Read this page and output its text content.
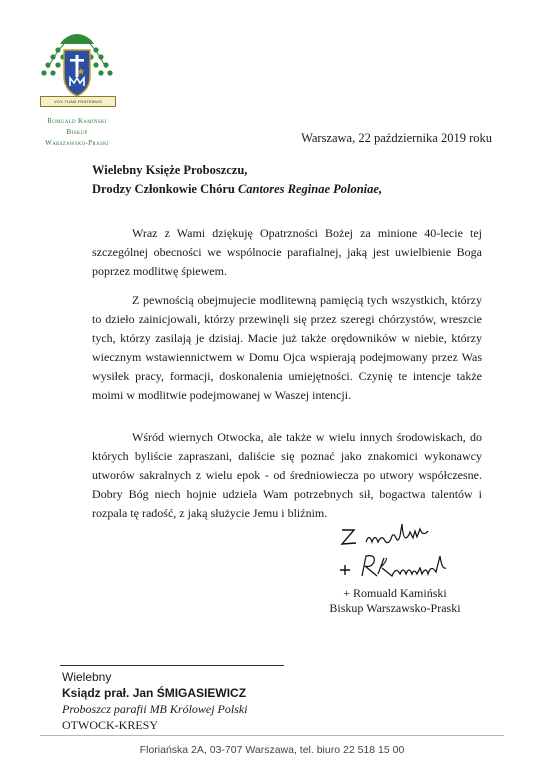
VOX TUAM FRATRIBUS
Romuald Kamiński
Biskup
Warszawsko-Praski	Warszawa, 22 października 2019 roku
Wielebny Księże Proboszczu,
Drodzy Członkowie Chóru Cantores Reginae Poloniae,

Wraz z Wami dziękuję Opatrzności Bożej za minione 40-lecie tej szczególnej obecności we wspólnocie parafialnej, jaką jest uwielbienie Boga poprzez modlitwę śpiewem.

Z pewnością obejmujecie modlitewną pamięcią tych wszystkich, którzy to dzieło zainicjowali, którzy przewinęli się przez szeregi chórzystów, wreszcie tych, którzy zasilają je dzisiaj. Macie już także orędowników w niebie, którzy wiecznym wstawiennictwem w Domu Ojca wspierają podejmowany przez Was wysiłek pracy, formacji, doskonalenia umiejętności. Czynię te intencje także moimi w modlitwie podejmowanej w Waszej intencji.

Wśród wiernych Otwocka, ale także w wielu innych środowiskach, do których byliście zapraszani, daliście się poznać jako znakomici wykonawcy utworów sakralnych z wielu epok - od średniowiecza po utwory współczesne. Dobry Bóg niech hojnie udziela Wam potrzebnych sił, bogactwa talentów i rozpala tę radość, z jaką służycie Jemu i bliźnim.

+ Romuald Kamiński
Biskup Warszawsko-Praski
Wielebny
Ksiądz prał. Jan ŚMIGASIEWICZ
Proboszcz parafii MB Królowej Polski
OTWOCK-KRESY
Floriańska 2A, 03-707 Warszawa, tel. biuro 22 518 15 00
